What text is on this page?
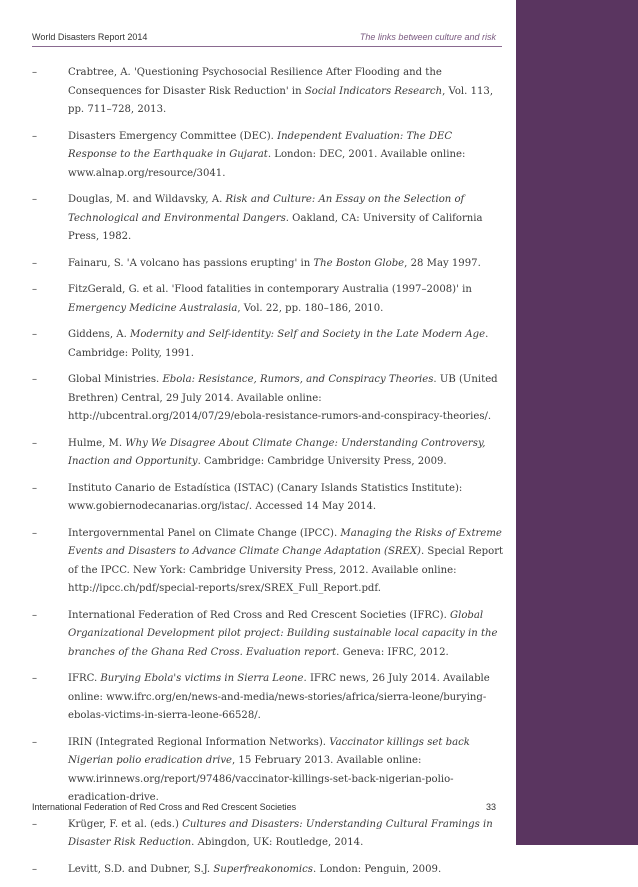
World Disasters Report 2014	The links between culture and risk
–	Crabtree, A. 'Questioning Psychosocial Resilience After Flooding and the Consequences for Disaster Risk Reduction' in Social Indicators Research, Vol. 113, pp. 711–728, 2013.
–	Disasters Emergency Committee (DEC). Independent Evaluation: The DEC Response to the Earthquake in Gujarat. London: DEC, 2001. Available online: www.alnap.org/resource/3041.
–	Douglas, M. and Wildavsky, A. Risk and Culture: An Essay on the Selection of Technological and Environmental Dangers. Oakland, CA: University of California Press, 1982.
–	Fainaru, S. 'A volcano has passions erupting' in The Boston Globe, 28 May 1997.
–	FitzGerald, G. et al. 'Flood fatalities in contemporary Australia (1997–2008)' in Emergency Medicine Australasia, Vol. 22, pp. 180–186, 2010.
–	Giddens, A. Modernity and Self-identity: Self and Society in the Late Modern Age. Cambridge: Polity, 1991.
–	Global Ministries. Ebola: Resistance, Rumors, and Conspiracy Theories. UB (United Brethren) Central, 29 July 2014. Available online: http://ubcentral.org/2014/07/29/ebola-resistance-rumors-and-conspiracy-theories/.
–	Hulme, M. Why We Disagree About Climate Change: Understanding Controversy, Inaction and Opportunity. Cambridge: Cambridge University Press, 2009.
–	Instituto Canario de Estadística (ISTAC) (Canary Islands Statistics Institute): www.gobiernodecanarias.org/istac/. Accessed 14 May 2014.
–	Intergovernmental Panel on Climate Change (IPCC). Managing the Risks of Extreme Events and Disasters to Advance Climate Change Adaptation (SREX). Special Report of the IPCC. New York: Cambridge University Press, 2012. Available online: http://ipcc.ch/pdf/special-reports/srex/SREX_Full_Report.pdf.
–	International Federation of Red Cross and Red Crescent Societies (IFRC). Global Organizational Development pilot project: Building sustainable local capacity in the branches of the Ghana Red Cross. Evaluation report. Geneva: IFRC, 2012.
–	IFRC. Burying Ebola's victims in Sierra Leone. IFRC news, 26 July 2014. Available online: www.ifrc.org/en/news-and-media/news-stories/africa/sierra-leone/burying-ebolas-victims-in-sierra-leone-66528/.
–	IRIN (Integrated Regional Information Networks). Vaccinator killings set back Nigerian polio eradication drive, 15 February 2013. Available online: www.irinnews.org/report/97486/vaccinator-killings-set-back-nigerian-polio-eradication-drive.
–	Krüger, F. et al. (eds.) Cultures and Disasters: Understanding Cultural Framings in Disaster Risk Reduction. Abingdon, UK: Routledge, 2014.
–	Levitt, S.D. and Dubner, S.J. Superfreakonomics. London: Penguin, 2009.
International Federation of Red Cross and Red Crescent Societies	33
